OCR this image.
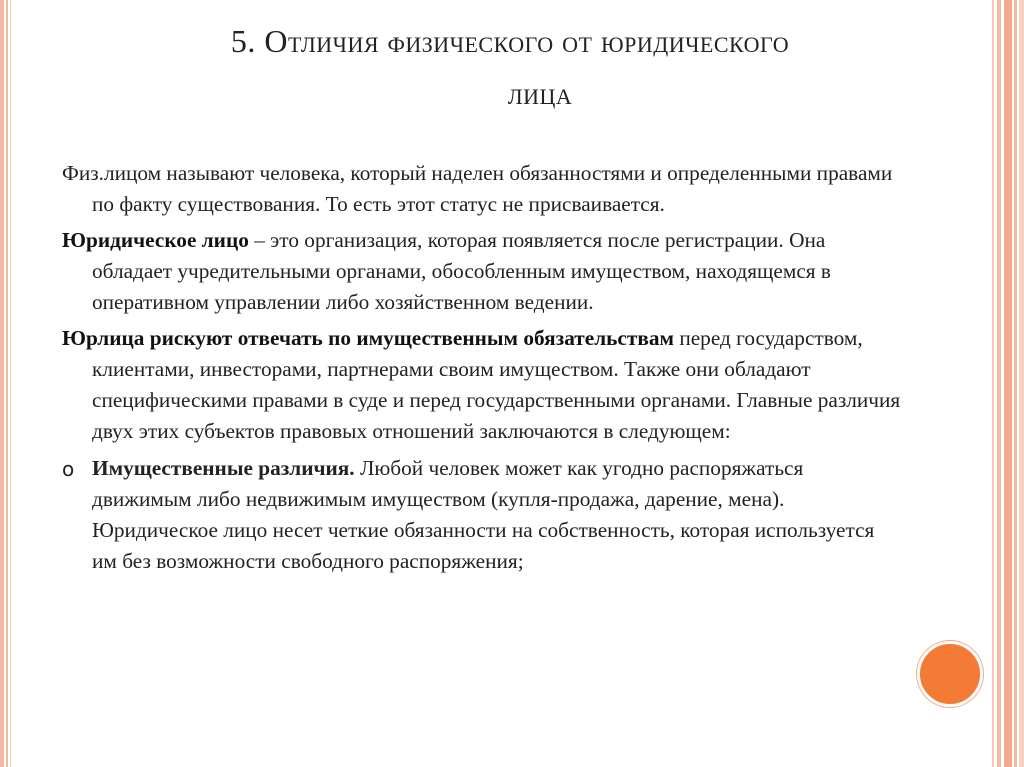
5. Отличия физического от юридического
лица

Физ.лицом называют человека, который наделен обязанностями и определенными правами по факту существования. То есть этот статус не присваивается.

Юридическое лицо – это организация, которая появляется после регистрации. Она обладает учредительными органами, обособленным имуществом, находящемся в оперативном управлении либо хозяйственном ведении.

Юрлица рискуют отвечать по имущественным обязательствам перед государством, клиентами, инвесторами, партнерами своим имуществом. Также они обладают специфическими правами в суде и перед государственными органами. Главные различия двух этих субъектов правовых отношений заключаются в следующем:

o Имущественные различия. Любой человек может как угодно распоряжаться движимым либо недвижимым имуществом (купля-продажа, дарение, мена). Юридическое лицо несет четкие обязанности на собственность, которая используется им без возможности свободного распоряжения;
